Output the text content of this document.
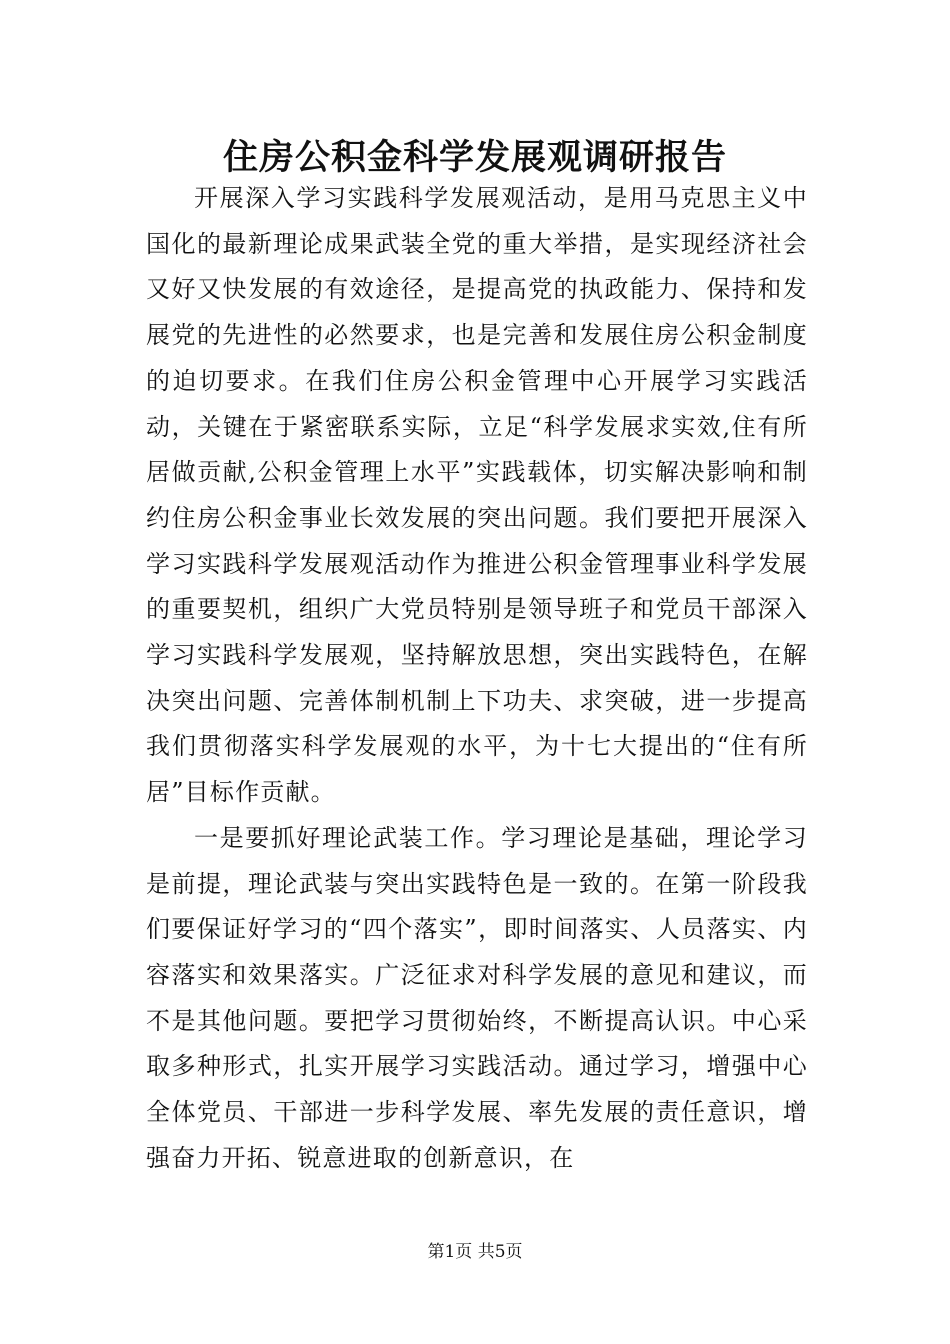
住房公积金科学发展观调研报告

开展深入学习实践科学发展观活动，是用马克思主义中国化的最新理论成果武装全党的重大举措，是实现经济社会又好又快发展的有效途径，是提高党的执政能力、保持和发展党的先进性的必然要求，也是完善和发展住房公积金制度的迫切要求。在我们住房公积金管理中心开展学习实践活动，关键在于紧密联系实际，立足“科学发展求实效,住有所居做贡献,公积金管理上水平”实践载体，切实解决影响和制约住房公积金事业长效发展的突出问题。我们要把开展深入学习实践科学发展观活动作为推进公积金管理事业科学发展的重要契机，组织广大党员特别是领导班子和党员干部深入学习实践科学发展观，坚持解放思想，突出实践特色，在解决突出问题、完善体制机制上下功夫、求突破，进一步提高我们贯彻落实科学发展观的水平，为十七大提出的“住有所居”目标作贡献。

一是要抓好理论武装工作。学习理论是基础，理论学习是前提，理论武装与突出实践特色是一致的。在第一阶段我们要保证好学习的“四个落实”，即时间落实、人员落实、内容落实和效果落实。广泛征求对科学发展的意见和建议，而不是其他问题。要把学习贯彻始终，不断提高认识。中心采取多种形式，扎实开展学习实践活动。通过学习，增强中心全体党员、干部进一步科学发展、率先发展的责任意识，增强奋力开拓、锐意进取的创新意识，在

第1页 共5页
